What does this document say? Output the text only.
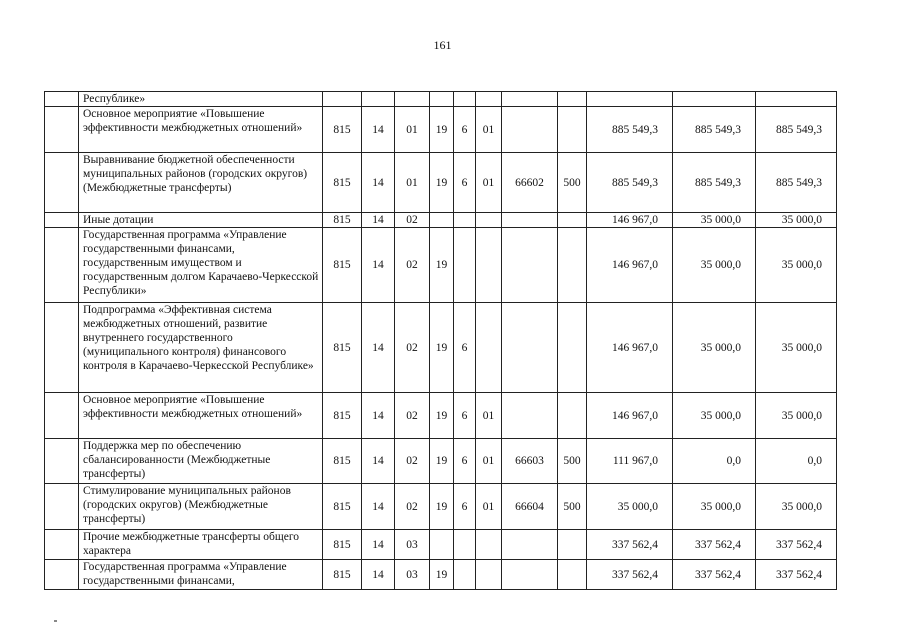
161
	Республике»											
	Основное мероприятие «Повышение эффективности межбюджетных отношений»	815	14	01	19	6	01			885 549,3	885 549,3	885 549,3
	Выравнивание бюджетной обеспеченности муниципальных районов (городских округов) (Межбюджетные трансферты)	815	14	01	19	6	01	66602	500	885 549,3	885 549,3	885 549,3
	Иные дотации	815	14	02						146 967,0	35 000,0	35 000,0
	Государственная программа «Управление государственными финансами, государственным имуществом и государственным долгом Карачаево-Черкесской Республики»	815	14	02	19					146 967,0	35 000,0	35 000,0
	Подпрограмма «Эффективная система межбюджетных отношений, развитие внутреннего государственного (муниципального контроля) финансового контроля в Карачаево-Черкесской Республике»	815	14	02	19	6				146 967,0	35 000,0	35 000,0
	Основное мероприятие «Повышение эффективности межбюджетных отношений»	815	14	02	19	6	01			146 967,0	35 000,0	35 000,0
	Поддержка мер по обеспечению сбалансированности (Межбюджетные трансферты)	815	14	02	19	6	01	66603	500	111 967,0	0,0	0,0
	Стимулирование муниципальных районов (городских округов) (Межбюджетные трансферты)	815	14	02	19	6	01	66604	500	35 000,0	35 000,0	35 000,0
	Прочие межбюджетные трансферты общего характера	815	14	03						337 562,4	337 562,4	337 562,4
	Государственная программа «Управление государственными финансами,	815	14	03	19					337 562,4	337 562,4	337 562,4
